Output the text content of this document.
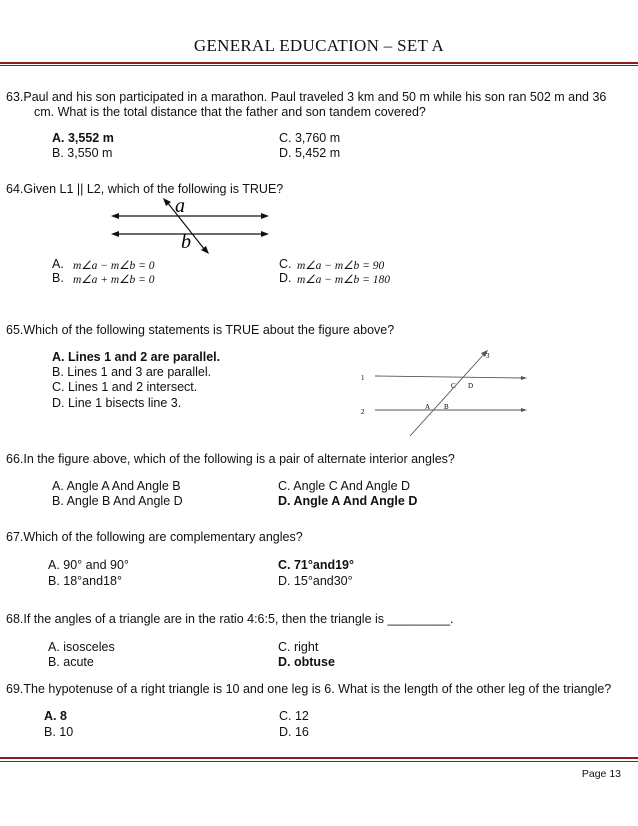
GENERAL EDUCATION – SET A
63.Paul and his son participated in a marathon. Paul traveled 3 km and 50 m while his son ran 502 m and 36
cm. What is the total distance that the father and son tandem covered?
A. 3,552 m
B. 3,550 m
C. 3,760 m
D. 5,452 m
64.Given L1 || L2, which of the following is TRUE?
a
b
A. m∠a − m∠b = 0
B. m∠a + m∠b = 0
C. m∠a − m∠b = 90
D. m∠a − m∠b = 180
65.Which of the following statements is TRUE about the figure above?
A. Lines 1 and 2 are parallel.
B. Lines 1 and 3 are parallel.
C. Lines 1 and 2 intersect.
D. Line 1 bisects line 3.
1
2
3
C D
A B
66.In the figure above, which of the following is a pair of alternate interior angles?
A. Angle A And Angle B
B. Angle B And Angle D
C. Angle C And Angle D
D. Angle A And Angle D
67.Which of the following are complementary angles?
A. 90° and 90°
B. 18°and18°
C. 71°and19°
D. 15°and30°
68.If the angles of a triangle are in the ratio 4:6:5, then the triangle is _________.
A. isosceles
B. acute
C. right
D. obtuse
69.The hypotenuse of a right triangle is 10 and one leg is 6. What is the length of the other leg of the triangle?
A. 8
B. 10
C. 12
D. 16
Page 13
